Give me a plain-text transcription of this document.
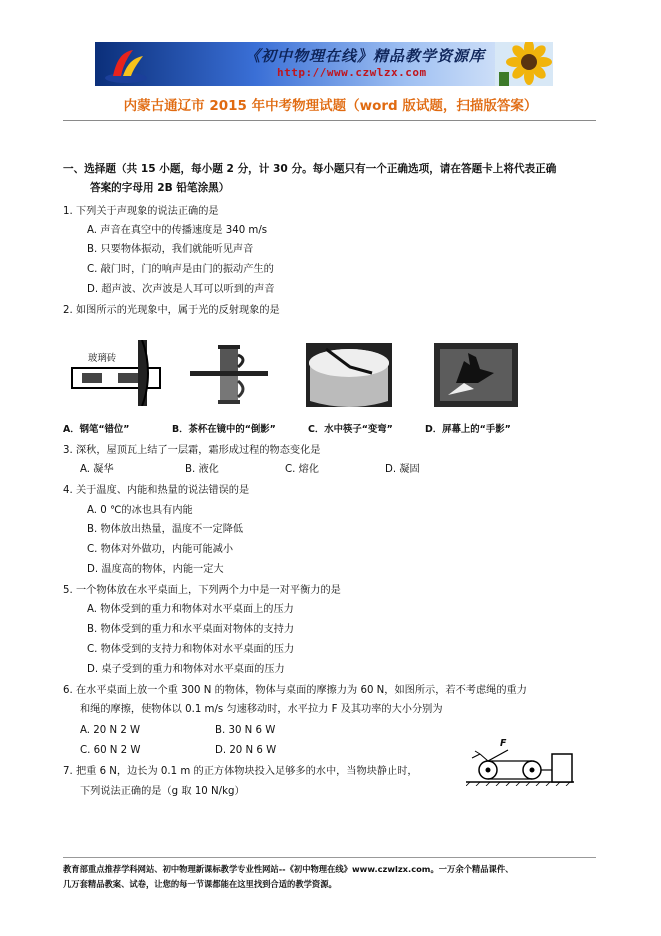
《初中物理在线》精品教学资源库
http://www.czwlzx.com
内蒙古通辽市 2015 年中考物理试题（word 版试题，扫描版答案）
一、选择题（共 15 小题，每小题 2 分，计 30 分。每小题只有一个正确选项，请在答题卡上将代表正确
答案的字母用 2B 铅笔涂黑）
1. 下列关于声现象的说法正确的是
A. 声音在真空中的传播速度是 340 m/s
B. 只要物体振动，我们就能听见声音
C. 敲门时，门的响声是由门的振动产生的
D. 超声波、次声波是人耳可以听到的声音
2. 如图所示的光现象中，属于光的反射现象的是
玻璃砖
A．钢笔“错位”	B．茶杯在镜中的“倒影”	C．水中筷子“变弯”	D．屏幕上的“手影”
3. 深秋，屋顶瓦上结了一层霜，霜形成过程的物态变化是
A. 凝华	B. 液化	C. 熔化	D. 凝固
4. 关于温度、内能和热量的说法错误的是
A. 0 ℃的冰也具有内能
B. 物体放出热量，温度不一定降低
C. 物体对外做功，内能可能减小
D. 温度高的物体，内能一定大
5. 一个物体放在水平桌面上，下列两个力中是一对平衡力的是
A. 物体受到的重力和物体对水平桌面上的压力
B. 物体受到的重力和水平桌面对物体的支持力
C. 物体受到的支持力和物体对水平桌面的压力
D. 桌子受到的重力和物体对水平桌面的压力
6. 在水平桌面上放一个重 300 N 的物体，物体与桌面的摩擦力为 60 N，如图所示，若不考虑绳的重力
和绳的摩擦，使物体以 0.1 m/s 匀速移动时，水平拉力 F 及其功率的大小分别为
A. 20 N 2 W	B. 30 N 6 W
C. 60 N 2 W	D. 20 N 6 W
F
7. 把重 6 N，边长为 0.1 m 的正方体物块投入足够多的水中，当物块静止时，
下列说法正确的是（g 取 10 N/kg）
教育部重点推荐学科网站、初中物理新课标教学专业性网站--《初中物理在线》www.czwlzx.com。一万余个精品课件、
几万套精品教案、试卷，让您的每一节课都能在这里找到合适的教学资源。
